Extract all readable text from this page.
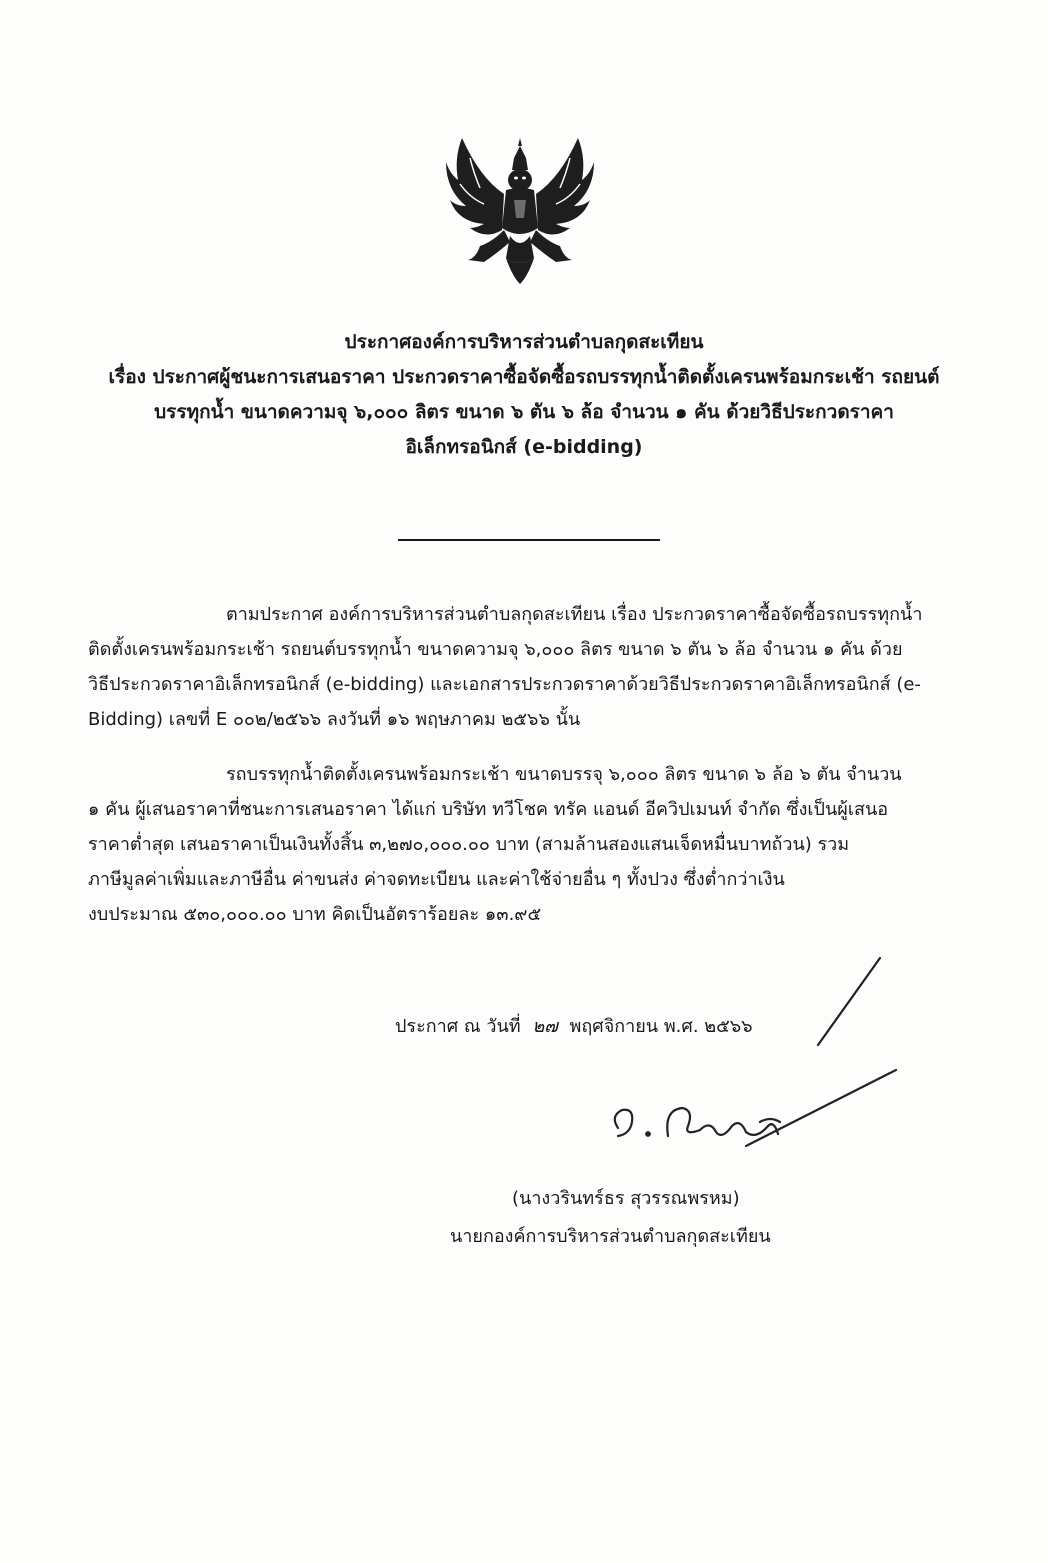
ประกาศองค์การบริหารส่วนตำบลกุดสะเทียน
เรื่อง ประกาศผู้ชนะการเสนอราคา ประกวดราคาซื้อจัดซื้อรถบรรทุกน้ำติดตั้งเครนพร้อมกระเช้า รถยนต์
บรรทุกน้ำ ขนาดความจุ ๖,๐๐๐ ลิตร ขนาด ๖ ตัน ๖ ล้อ จำนวน ๑ คัน ด้วยวิธีประกวดราคา
อิเล็กทรอนิกส์ (e-bidding)
ตามประกาศ องค์การบริหารส่วนตำบลกุดสะเทียน เรื่อง ประกวดราคาซื้อจัดซื้อรถบรรทุกน้ำ
ติดตั้งเครนพร้อมกระเช้า รถยนต์บรรทุกน้ำ ขนาดความจุ ๖,๐๐๐ ลิตร ขนาด ๖ ตัน ๖ ล้อ จำนวน ๑ คัน ด้วย
วิธีประกวดราคาอิเล็กทรอนิกส์ (e-bidding) และเอกสารประกวดราคาด้วยวิธีประกวดราคาอิเล็กทรอนิกส์ (e-
Bidding) เลขที่ E ๐๐๒/๒๕๖๖ ลงวันที่ ๑๖ พฤษภาคม ๒๕๖๖ นั้น
รถบรรทุกน้ำติดตั้งเครนพร้อมกระเช้า ขนาดบรรจุ ๖,๐๐๐ ลิตร ขนาด ๖ ล้อ ๖ ตัน จำนวน
๑ คัน ผู้เสนอราคาที่ชนะการเสนอราคา ได้แก่ บริษัท ทวีโชค ทรัค แอนด์ อีควิปเมนท์ จำกัด ซึ่งเป็นผู้เสนอ
ราคาต่ำสุด เสนอราคาเป็นเงินทั้งสิ้น ๓,๒๗๐,๐๐๐.๐๐ บาท (สามล้านสองแสนเจ็ดหมื่นบาทถ้วน) รวม
ภาษีมูลค่าเพิ่มและภาษีอื่น ค่าขนส่ง ค่าจดทะเบียน และค่าใช้จ่ายอื่น ๆ ทั้งปวง ซึ่งต่ำกว่าเงิน
งบประมาณ ๕๓๐,๐๐๐.๐๐ บาท คิดเป็นอัตราร้อยละ ๑๓.๙๕
ประกาศ ณ วันที่ ๒๗ พฤศจิกายน พ.ศ. ๒๕๖๖
(นางวรินทร์ธร สุวรรณพรหม)
นายกองค์การบริหารส่วนตำบลกุดสะเทียน
